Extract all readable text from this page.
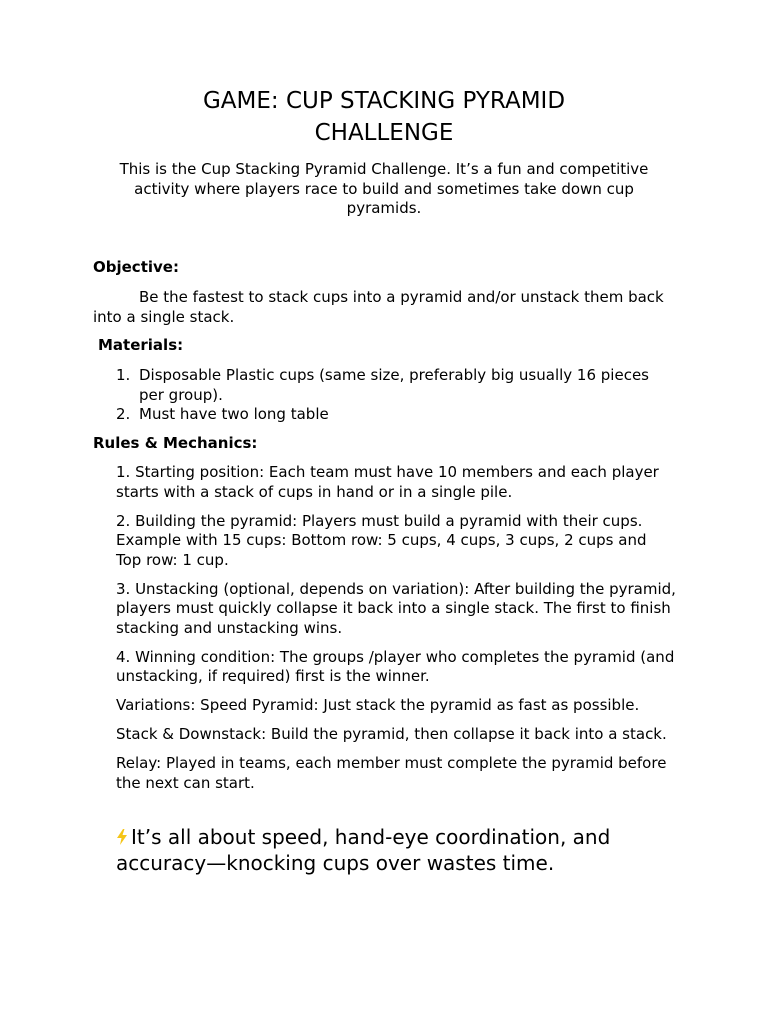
GAME: CUP STACKING PYRAMID CHALLENGE

This is the Cup Stacking Pyramid Challenge. It’s a fun and competitive activity where players race to build and sometimes take down cup pyramids.

Objective:

Be the fastest to stack cups into a pyramid and/or unstack them back into a single stack.

Materials:

1. Disposable Plastic cups (same size, preferably big usually 16 pieces per group).
2. Must have two long table

Rules & Mechanics:

1. Starting position: Each team must have 10 members and each player starts with a stack of cups in hand or in a single pile.

2. Building the pyramid: Players must build a pyramid with their cups. Example with 15 cups: Bottom row: 5 cups, 4 cups, 3 cups, 2 cups and Top row: 1 cup.

3. Unstacking (optional, depends on variation): After building the pyramid, players must quickly collapse it back into a single stack. The first to finish stacking and unstacking wins.

4. Winning condition: The groups /player who completes the pyramid (and unstacking, if required) first is the winner.

Variations: Speed Pyramid: Just stack the pyramid as fast as possible.

Stack & Downstack: Build the pyramid, then collapse it back into a stack.

Relay: Played in teams, each member must complete the pyramid before the next can start.

It’s all about speed, hand-eye coordination, and accuracy—knocking cups over wastes time.
